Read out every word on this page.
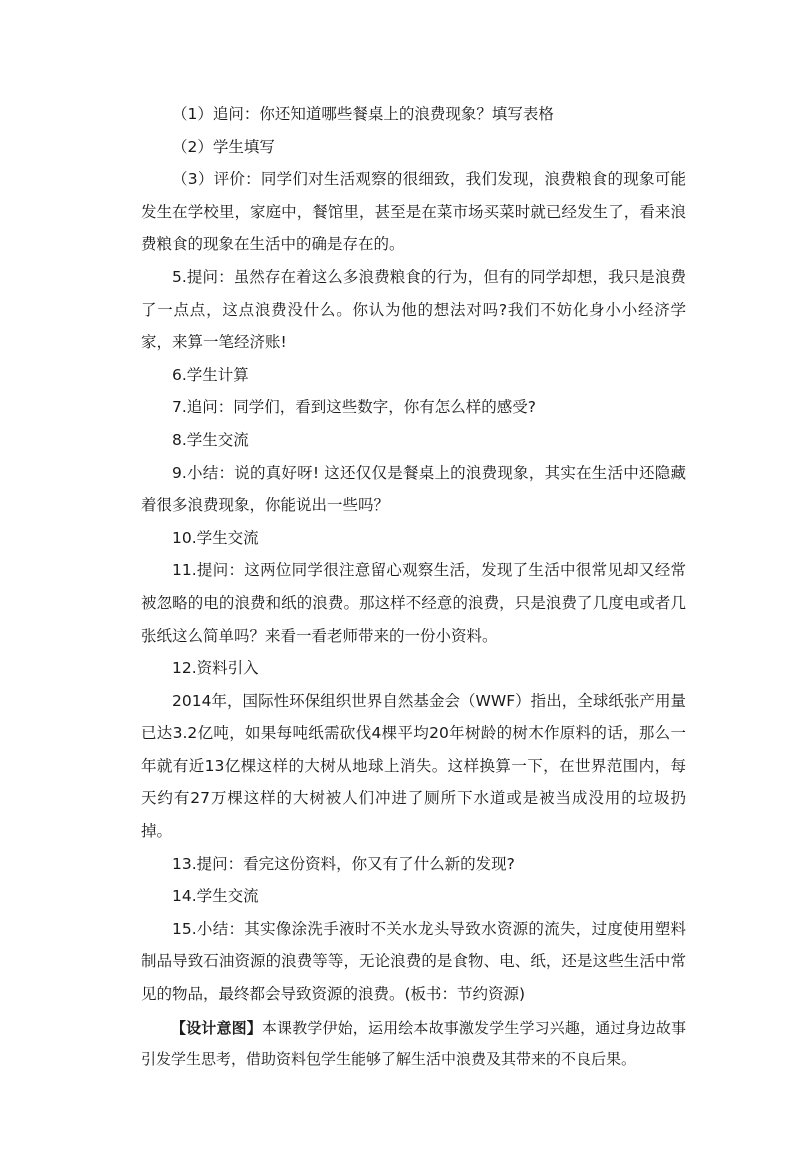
（1）追问：你还知道哪些餐桌上的浪费现象？填写表格

（2）学生填写

（3）评价：同学们对生活观察的很细致，我们发现，浪费粮食的现象可能发生在学校里，家庭中，餐馆里，甚至是在菜市场买菜时就已经发生了，看来浪费粮食的现象在生活中的确是存在的。

5.提问：虽然存在着这么多浪费粮食的行为，但有的同学却想，我只是浪费了一点点，这点浪费没什么。你认为他的想法对吗?我们不妨化身小小经济学家，来算一笔经济账!

6.学生计算

7.追问：同学们，看到这些数字，你有怎么样的感受?

8.学生交流

9.小结：说的真好呀! 这还仅仅是餐桌上的浪费现象，其实在生活中还隐藏着很多浪费现象，你能说出一些吗？

10.学生交流

11.提问：这两位同学很注意留心观察生活，发现了生活中很常见却又经常被忽略的电的浪费和纸的浪费。那这样不经意的浪费，只是浪费了几度电或者几张纸这么简单吗？来看一看老师带来的一份小资料。

12.资料引入

2014年，国际性环保组织世界自然基金会（WWF）指出，全球纸张产用量已达3.2亿吨，如果每吨纸需砍伐4棵平均20年树龄的树木作原料的话，那么一年就有近13亿棵这样的大树从地球上消失。这样换算一下，在世界范围内，每天约有27万棵这样的大树被人们冲进了厕所下水道或是被当成没用的垃圾扔掉。

13.提问：看完这份资料，你又有了什么新的发现?

14.学生交流

15.小结：其实像涂洗手液时不关水龙头导致水资源的流失，过度使用塑料制品导致石油资源的浪费等等，无论浪费的是食物、电、纸，还是这些生活中常见的物品，最终都会导致资源的浪费。(板书：节约资源)

【设计意图】本课教学伊始，运用绘本故事激发学生学习兴趣，通过身边故事引发学生思考，借助资料包学生能够了解生活中浪费及其带来的不良后果。
